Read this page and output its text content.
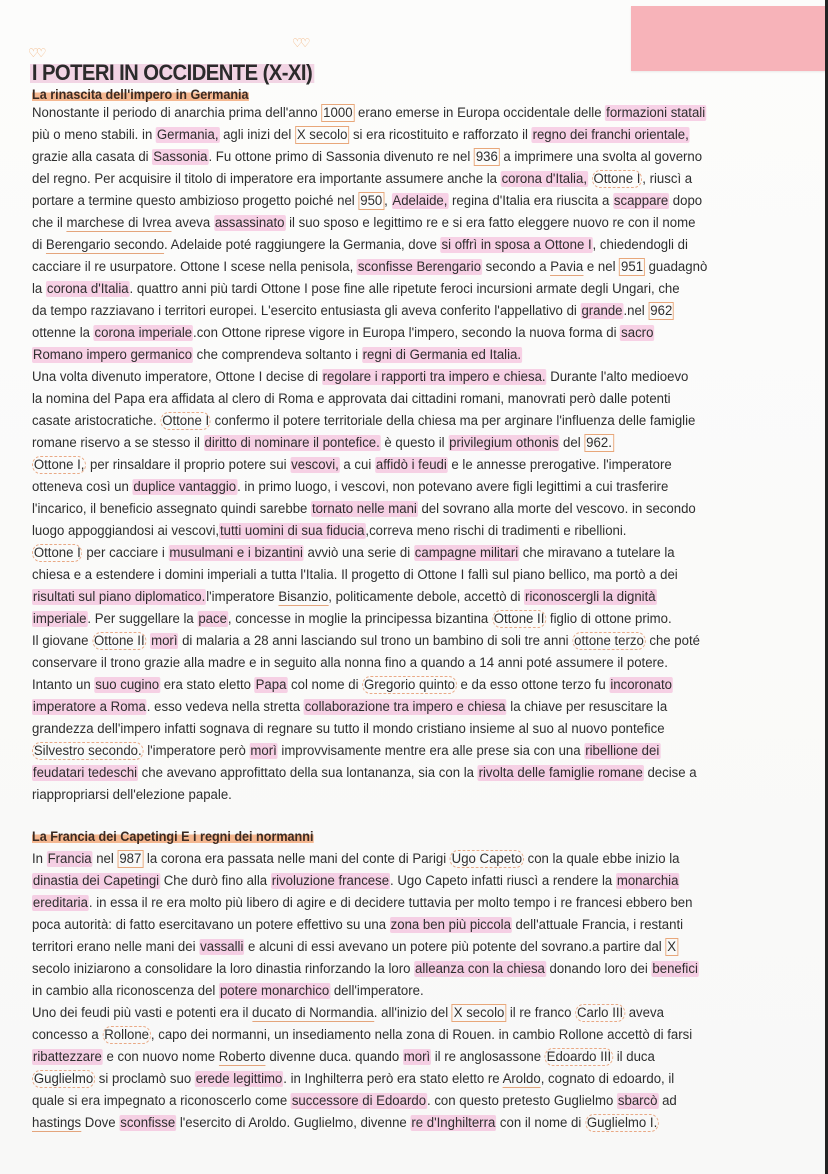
♡♡
♡♡
I POTERI IN OCCIDENTE (X-XI)
La rinascita dell'impero in Germania
Nonostante il periodo di anarchia prima dell'anno 1000 erano emerse in Europa occidentale delle formazioni statali
più o meno stabili. in Germania, agli inizi del X secolo si era ricostituito e rafforzato il regno dei franchi orientale,
grazie alla casata di Sassonia. Fu ottone primo di Sassonia divenuto re nel 936 a imprimere una svolta al governo
del regno. Per acquisire il titolo di imperatore era importante assumere anche la corona d'Italia, Ottone I , riuscì a
portare a termine questo ambizioso progetto poiché nel 950 , Adelaide, regina d'Italia era riuscita a scappare dopo
che il marchese di Ivrea aveva assassinato il suo sposo e legittimo re e si era fatto eleggere nuovo re con il nome
di Berengario secondo. Adelaide poté raggiungere la Germania, dove si offrì in sposa a Ottone I, chiedendogli di
cacciare il re usurpatore. Ottone I scese nella penisola, sconfisse Berengario secondo a Pavia e nel 951 guadagnò
la corona d'Italia. quattro anni più tardi Ottone I pose fine alle ripetute feroci incursioni armate degli Ungari, che
da tempo razziavano i territori europei. L'esercito entusiasta gli aveva conferito l'appellativo di grande.nel 962
ottenne la corona imperiale.con Ottone riprese vigore in Europa l'impero, secondo la nuova forma di sacro
Romano impero germanico che comprendeva soltanto i regni di Germania ed Italia.
Una volta divenuto imperatore, Ottone I decise di regolare i rapporti tra impero e chiesa. Durante l'alto medioevo
la nomina del Papa era affidata al clero di Roma e approvata dai cittadini romani, manovrati però dalle potenti
casate aristocratiche. Ottone I confermo il potere territoriale della chiesa ma per arginare l'influenza delle famiglie
romane riservo a se stesso il diritto di nominare il pontefice. è questo il privilegium othonis del 962.
Ottone I, per rinsaldare il proprio potere sui vescovi, a cui affidò i feudi e le annesse prerogative. l'imperatore
otteneva così un duplice vantaggio. in primo luogo, i vescovi, non potevano avere figli legittimi a cui trasferire
l'incarico, il beneficio assegnato quindi sarebbe tornato nelle mani del sovrano alla morte del vescovo. in secondo
luogo appoggiandosi ai vescovi,tutti uomini di sua fiducia,correva meno rischi di tradimenti e ribellioni.
Ottone I per cacciare i musulmani e i bizantini avviò una serie di campagne militari che miravano a tutelare la
chiesa e a estendere i domini imperiali a tutta l'Italia. Il progetto di Ottone I fallì sul piano bellico, ma portò a dei
risultati sul piano diplomatico.l'imperatore Bisanzio, politicamente debole, accettò di riconoscergli la dignità
imperiale. Per suggellare la pace, concesse in moglie la principessa bizantina Ottone II figlio di ottone primo.
Il giovane Ottone II morì di malaria a 28 anni lasciando sul trono un bambino di soli tre anni ottone terzo che poté
conservare il trono grazie alla madre e in seguito alla nonna fino a quando a 14 anni poté assumere il potere.
Intanto un suo cugino era stato eletto Papa col nome di Gregorio quinto e da esso ottone terzo fu incoronato
imperatore a Roma. esso vedeva nella stretta collaborazione tra impero e chiesa la chiave per resuscitare la
grandezza dell'impero infatti sognava di regnare su tutto il mondo cristiano insieme al suo al nuovo pontefice
Silvestro secondo. l'imperatore però morì improvvisamente mentre era alle prese sia con una ribellione dei
feudatari tedeschi che avevano approfittato della sua lontananza, sia con la rivolta delle famiglie romane decise a
riappropriarsi dell'elezione papale.
La Francia dei Capetingi E i regni dei normanni
In Francia nel 987 la corona era passata nelle mani del conte di Parigi Ugo Capeto con la quale ebbe inizio la
dinastia dei Capetingi Che durò fino alla rivoluzione francese. Ugo Capeto infatti riuscì a rendere la monarchia
ereditaria. in essa il re era molto più libero di agire e di decidere tuttavia per molto tempo i re francesi ebbero ben
poca autorità: di fatto esercitavano un potere effettivo su una zona ben più piccola dell'attuale Francia, i restanti
territori erano nelle mani dei vassalli e alcuni di essi avevano un potere più potente del sovrano.a partire dal X
secolo iniziarono a consolidare la loro dinastia rinforzando la loro alleanza con la chiesa donando loro dei benefici
in cambio alla riconoscenza del potere monarchico dell'imperatore.
Uno dei feudi più vasti e potenti era il ducato di Normandia. all'inizio del X secolo il re franco Carlo III aveva
concesso a Rollone , capo dei normanni, un insediamento nella zona di Rouen. in cambio Rollone accettò di farsi
ribattezzare e con nuovo nome Roberto divenne duca. quando morì il re anglosassone Edoardo III il duca
Guglielmo si proclamò suo erede legittimo. in Inghilterra però era stato eletto re Aroldo, cognato di edoardo, il
quale si era impegnato a riconoscerlo come successore di Edoardo. con questo pretesto Guglielmo sbarcò ad
hastings Dove sconfisse l'esercito di Aroldo. Guglielmo, divenne re d'Inghilterra con il nome di Guglielmo I.
